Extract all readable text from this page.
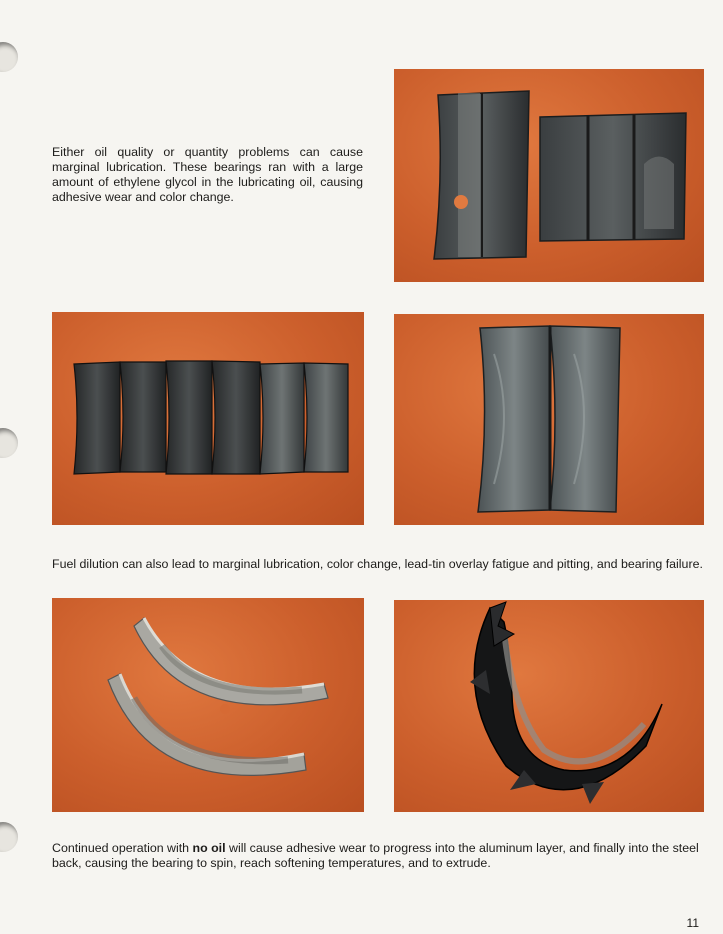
Either oil quality or quantity problems can cause marginal lubrication. These bearings ran with a large amount of ethylene glycol in the lubricating oil, causing adhesive wear and color change.

Fuel dilution can also lead to marginal lubrication, color change, lead-tin overlay fatigue and pitting, and bearing failure.

Continued operation with no oil will cause adhesive wear to progress into the aluminum layer, and finally into the steel back, causing the bearing to spin, reach softening temperatures, and to extrude.

11
